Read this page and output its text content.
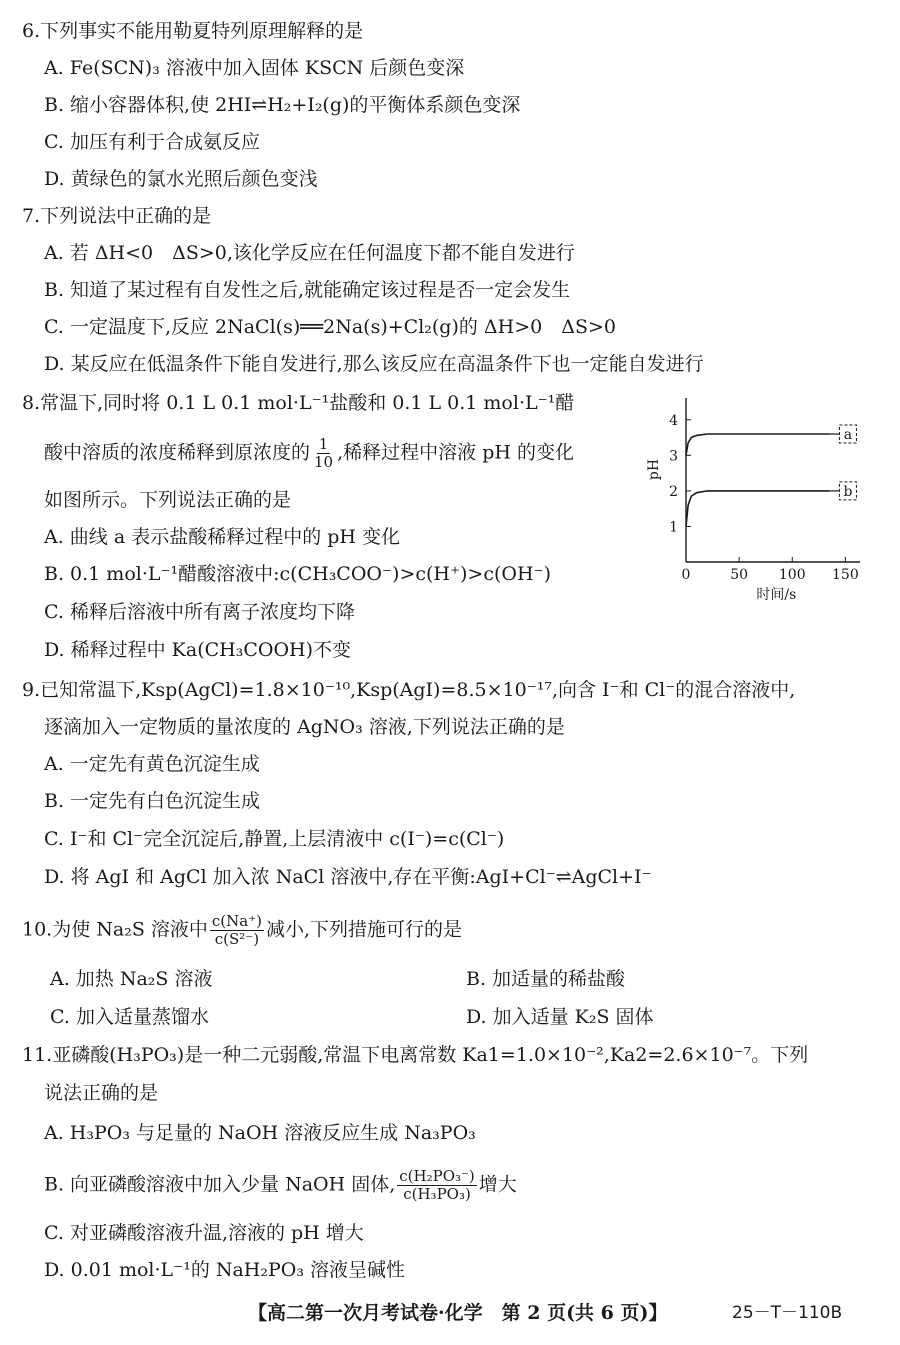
6.下列事实不能用勒夏特列原理解释的是
A. Fe(SCN)₃ 溶液中加入固体 KSCN 后颜色变深
B. 缩小容器体积,使 2HI⇌H₂+I₂(g)的平衡体系颜色变深
C. 加压有利于合成氨反应
D. 黄绿色的氯水光照后颜色变浅
7.下列说法中正确的是
A. 若 ΔH<0　ΔS>0,该化学反应在任何温度下都不能自发进行
B. 知道了某过程有自发性之后,就能确定该过程是否一定会发生
C. 一定温度下,反应 2NaCl(s)══2Na(s)+Cl₂(g)的 ΔH>0　ΔS>0
D. 某反应在低温条件下能自发进行,那么该反应在高温条件下也一定能自发进行
8.常温下,同时将 0.1 L 0.1 mol·L⁻¹盐酸和 0.1 L 0.1 mol·L⁻¹醋
酸中溶质的浓度稀释到原浓度的 $\frac{1}{10}$ ,稀释过程中溶液 pH 的变化
如图所示。下列说法正确的是
A. 曲线 a 表示盐酸稀释过程中的 pH 变化
B. 0.1 mol·L⁻¹醋酸溶液中:c(CH₃COO⁻)>c(H⁺)>c(OH⁻)
C. 稀释后溶液中所有离子浓度均下降
D. 稀释过程中 Ka(CH₃COOH)不变
1
2
3
4
0	50 100 150
a
b
pH
时间/s
9.已知常温下,Ksp(AgCl)=1.8×10⁻¹⁰,Ksp(AgI)=8.5×10⁻¹⁷,向含 I⁻和 Cl⁻的混合溶液中,
逐滴加入一定物质的量浓度的 AgNO₃ 溶液,下列说法正确的是
A. 一定先有黄色沉淀生成
B. 一定先有白色沉淀生成
C. I⁻和 Cl⁻完全沉淀后,静置,上层清液中 c(I⁻)=c(Cl⁻)
D. 将 AgI 和 AgCl 加入浓 NaCl 溶液中,存在平衡:AgI+Cl⁻⇌AgCl+I⁻
10.为使 Na₂S 溶液中 $\frac{c(Na^+)}{\text{c(S²⁻)}}$ 减小,下列措施可行的是
A. 加热 Na₂S 溶液	B. 加适量的稀盐酸
C. 加入适量蒸馏水	D. 加入适量 K₂S 固体
11.亚磷酸(H₃PO₃)是一种二元弱酸,常温下电离常数 Ka1=1.0×10⁻²,Ka2=2.6×10⁻⁷。下列
说法正确的是
A. H₃PO₃ 与足量的 NaOH 溶液反应生成 Na₃PO₃
B. 向亚磷酸溶液中加入少量 NaOH 固体, $\frac{\text{c(H₂PO₃⁻)}}{\text{c(H₃PO₃)}}$ 增大
C. 对亚磷酸溶液升温,溶液的 pH 增大
D. 0.01 mol·L⁻¹的 NaH₂PO₃ 溶液呈碱性
【高二第一次月考试卷·化学　第 2 页(共 6 页)】	25－T－110B
